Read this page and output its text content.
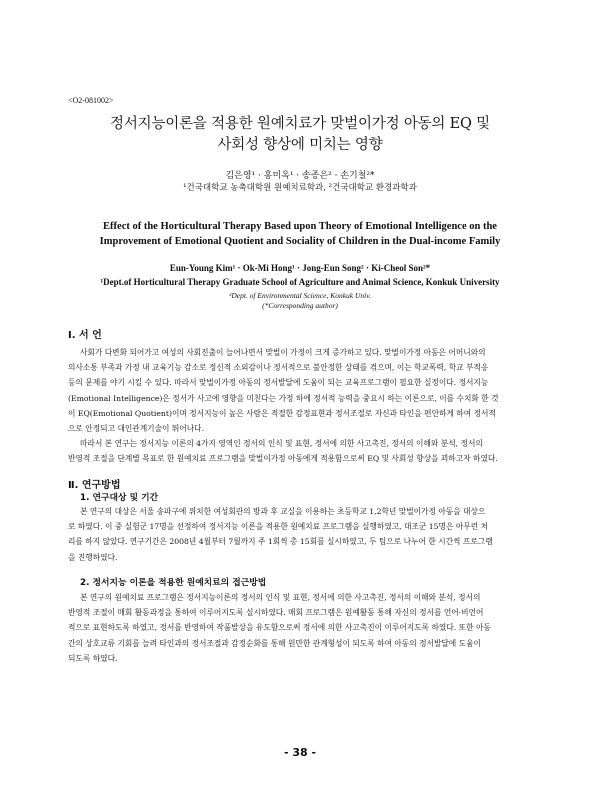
<O2-081002>
정서지능이론을 적용한 원예치료가 맞벌이가정 아동의 EQ 및
사회성 향상에 미치는 영향
김은영¹ · 홍미옥¹ · 송종은² · 손기철²*
¹건국대학교 농축대학원 원예치료학과, ²건국대학교 환경과학과
Effect of the Horticultural Therapy Based upon Theory of Emotional Intelligence on the
Improvement of Emotional Quotient and Sociality of Children in the Dual-income Family
Eun-Young Kim¹ · Ok-Mi Hong¹ · Jong-Eun Song² · Ki-Cheol Son²*
¹Dept.of Horticultural Therapy Graduate School of Agriculture and Animal Science, Konkuk University
²Dept. of Environmental Science, Konkuk Univ.
(*Corresponding author)
Ⅰ. 서 언
사회가 다변화 되어가고 여성의 사회진출이 늘어나면서 맞벌이 가정이 크게 증가하고 있다. 맞벌이가정 아동은 어머니와의
의사소통 부족과 가정 내 교육기능 감소로 정신적 소외감이나 정서적으로 불안정한 상태를 겪으며, 이는 학교폭력, 학교 부적응
등의 문제를 야기 시킬 수 있다. 따라서 맞벌이가정 아동의 정서발달에 도움이 되는 교육프로그램이 필요한 실정이다. 정서지능
(Emotional Intelligence)은 정서가 사고에 영향을 미친다는 가정 하에 정서적 능력을 중요시 하는 이론으로, 이를 수치화 한 것
이 EQ(Emotional Quotient)이며 정서지능이 높은 사람은 적절한 감정표현과 정서조절로 자신과 타인을 편안하게 하여 정서적
으로 안정되고 대인관계기술이 뛰어나다.
따라서 본 연구는 정서지능 이론의 4가지 영역인 정서의 인식 및 표현, 정서에 의한 사고촉진, 정서의 이해와 분석, 정서의
반영적 조절을 단계별 목표로 한 원예치료 프로그램을 맞벌이가정 아동에게 적용함으로써 EQ 및 사회성 향상을 꾀하고자 하였다.
Ⅱ. 연구방법
1. 연구대상 및 기간
본 연구의 대상은 서울 송파구에 위치한 여성회관의 방과 후 교실을 이용하는 초등학교 1,2학년 맞벌이가정 아동을 대상으
로 하였다. 이 중 실험군 17명을 선정하여 정서지능 이론을 적용한 원예치료 프로그램을 실행하였고, 대조군 15명은 아무런 처
리를 하지 않았다. 연구기간은 2008년 4월부터 7월까지 주 1회씩 총 15회를 실시하였고, 두 팀으로 나누어 한 시간씩 프로그램
을 진행하였다.
2. 정서지능 이론을 적용한 원예치료의 접근방법
본 연구의 원예치료 프로그램은 정서지능이론의 정서의 인식 및 표현, 정서에 의한 사고촉진, 정서의 이해와 분석, 정서의
반영적 조절이 매회 활동과정을 통하여 이루어지도록 실시하였다. 매회 프로그램은 원예활동 통해 자신의 정서를 언어·비언어
적으로 표현하도록 하였고, 정서를 반영하여 작품발상을 유도함으로써 정서에 의한 사고촉진이 이루어지도록 하였다. 또한 아동
간의 상호교류 기회를 늘려 타인과의 정서조절과 감정순화를 통해 원만한 관계형성이 되도록 하여 아동의 정서발달에 도움이
되도록 하였다.
- 38 -
